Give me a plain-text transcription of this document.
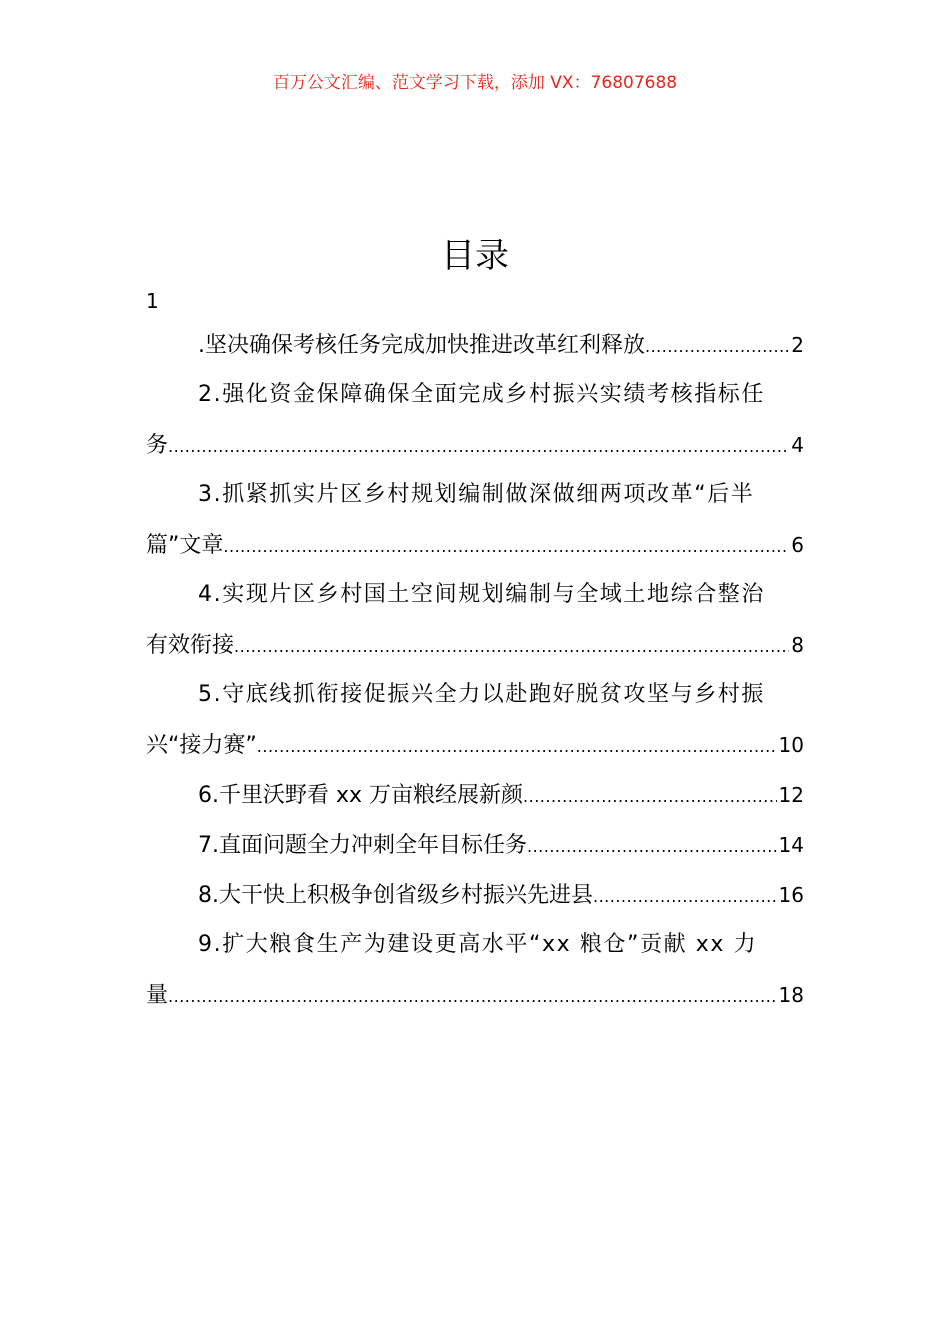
百万公文汇编、范文学习下载，添加 VX：76807688
目录
1
.坚决确保考核任务完成加快推进改革红利释放 .....	2
2.强化资金保障确保全面完成乡村振兴实绩考核指标任
务 .....	4
3.抓紧抓实片区乡村规划编制做深做细两项改革“后半
篇”文章 .....	6
4.实现片区乡村国土空间规划编制与全域土地综合整治
有效衔接 .....	8
5.守底线抓衔接促振兴全力以赴跑好脱贫攻坚与乡村振
兴“接力赛” .....	10
6.千里沃野看 xx 万亩粮经展新颜 .....	12
7.直面问题全力冲刺全年目标任务 .....	14
8.大干快上积极争创省级乡村振兴先进县 .....	16
9.扩大粮食生产为建设更高水平“xx 粮仓”贡献 xx 力
量 .....	18
